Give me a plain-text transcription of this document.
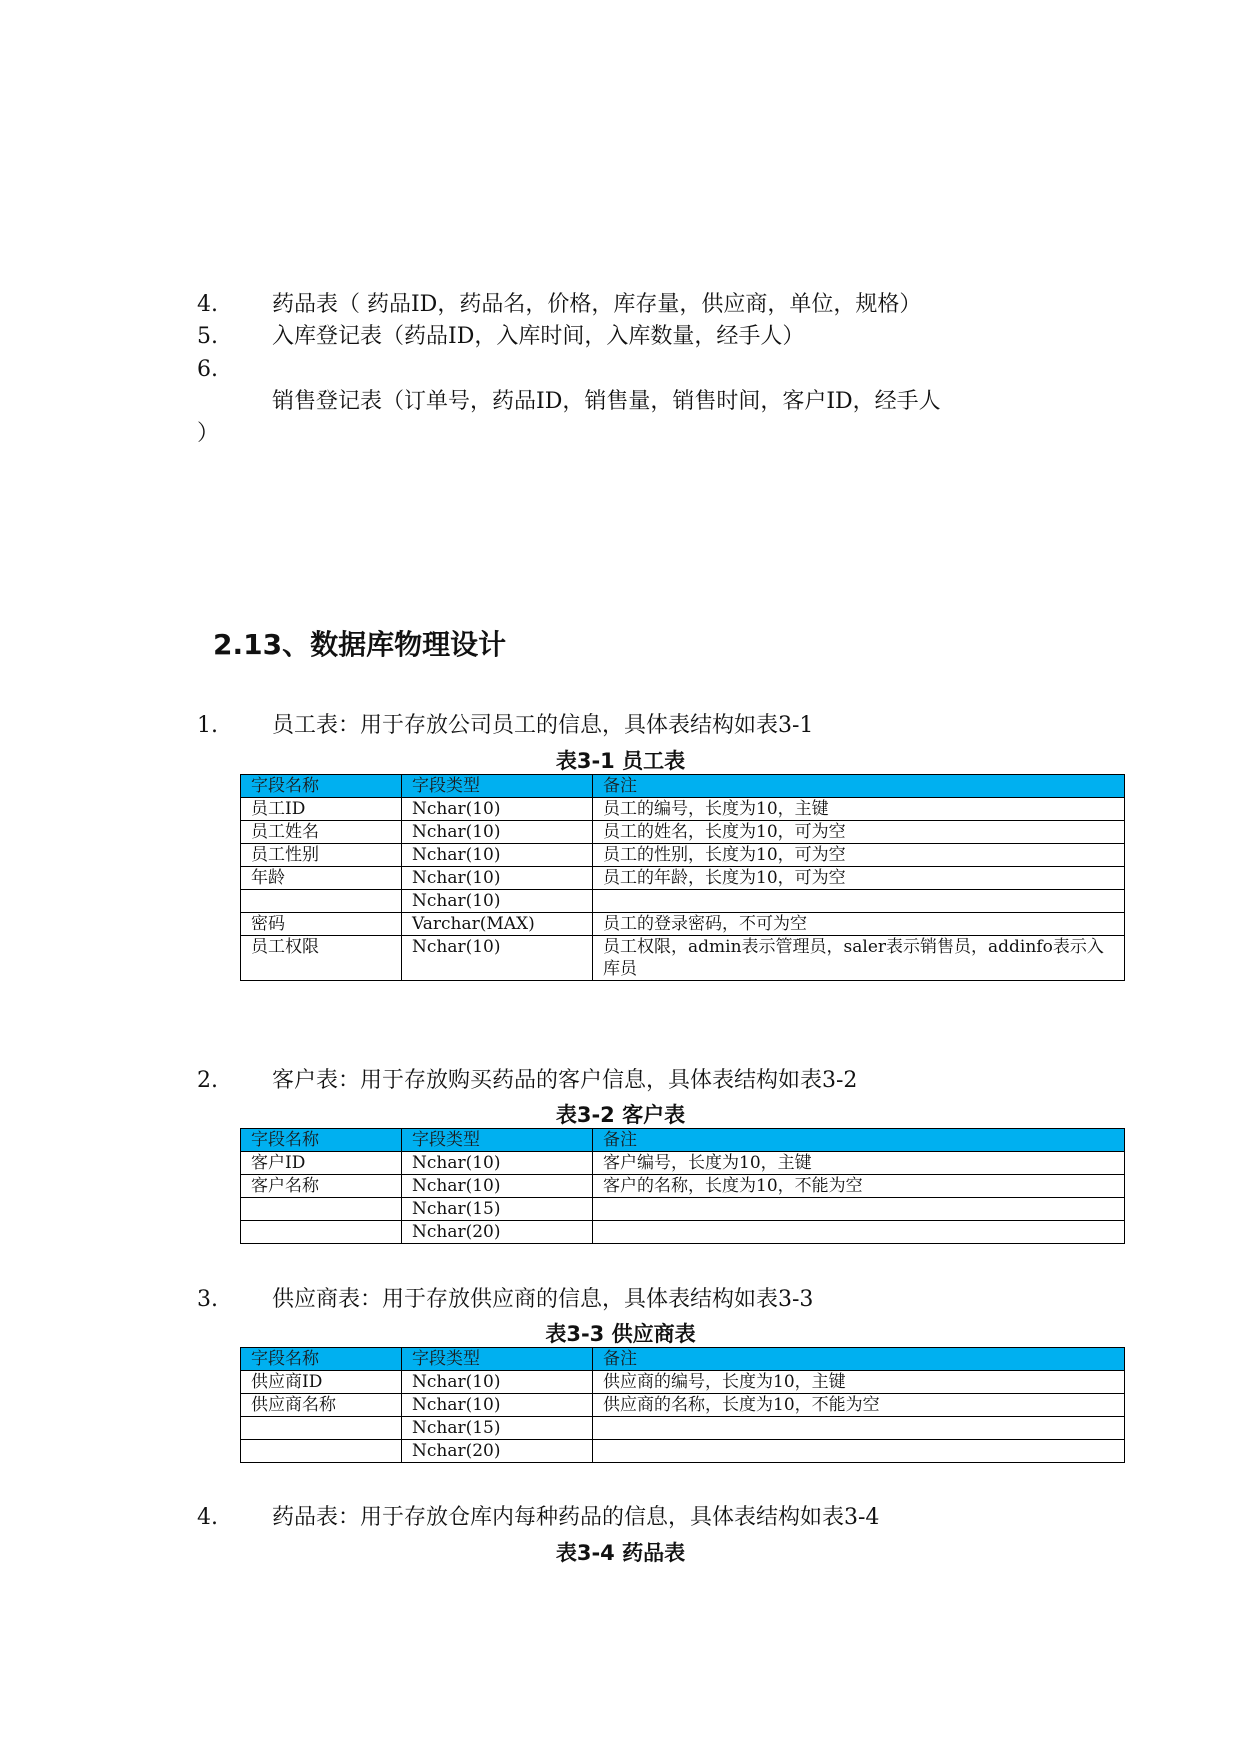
4. 药品表（ 药品ID，药品名，价格，库存量，供应商，单位，规格）
5. 入库登记表（药品ID，入库时间，入库数量，经手人）
6.
销售登记表（订单号，药品ID，销售量，销售时间，客户ID，经手人
）
2.13、数据库物理设计
1. 员工表：用于存放公司员工的信息，具体表结构如表3-1
表3-1 员工表
字段名称	字段类型	备注
员工ID	Nchar(10)	员工的编号，长度为10，主键
员工姓名	Nchar(10)	员工的姓名，长度为10，可为空
员工性别	Nchar(10)	员工的性别，长度为10，可为空
年龄	Nchar(10)	员工的年龄，长度为10，可为空
	Nchar(10)	
密码	Varchar(MAX)	员工的登录密码，不可为空
员工权限	Nchar(10)	员工权限，admin表示管理员，saler表示销售员，addinfo表示入库员
2. 客户表：用于存放购买药品的客户信息，具体表结构如表3-2
表3-2 客户表
字段名称	字段类型	备注
客户ID	Nchar(10)	客户编号，长度为10，主键
客户名称	Nchar(10)	客户的名称，长度为10，不能为空
	Nchar(15)	
	Nchar(20)	
3. 供应商表：用于存放供应商的信息，具体表结构如表3-3
表3-3 供应商表
字段名称	字段类型	备注
供应商ID	Nchar(10)	供应商的编号，长度为10，主键
供应商名称	Nchar(10)	供应商的名称，长度为10，不能为空
	Nchar(15)	
	Nchar(20)	
4. 药品表：用于存放仓库内每种药品的信息，具体表结构如表3-4
表3-4 药品表
